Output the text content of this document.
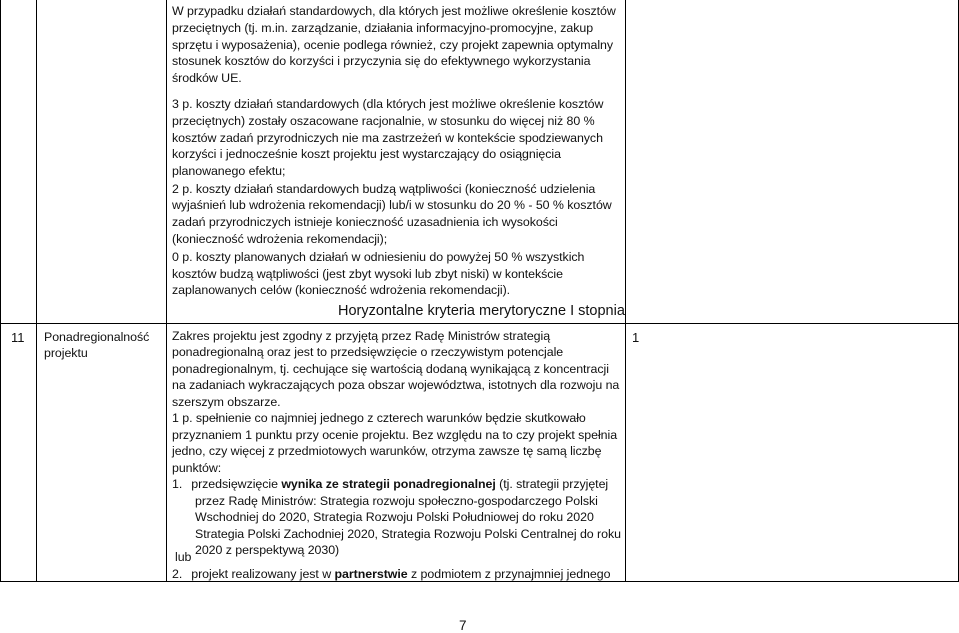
W przypadku działań standardowych, dla których jest możliwe określenie kosztów
przeciętnych (tj. m.in. zarządzanie, działania informacyjno-promocyjne, zakup
sprzętu i wyposażenia), ocenie podlega również, czy projekt zapewnia optymalny
stosunek kosztów do korzyści i przyczynia się do efektywnego wykorzystania
środków UE.
3 p. koszty działań standardowych (dla których jest możliwe określenie kosztów
przeciętnych) zostały oszacowane racjonalnie, w stosunku do więcej niż 80 %
kosztów zadań przyrodniczych nie ma zastrzeżeń w kontekście spodziewanych
korzyści i jednocześnie koszt projektu jest wystarczający do osiągnięcia
planowanego efektu;
2 p. koszty działań standardowych budzą wątpliwości (konieczność udzielenia
wyjaśnień lub wdrożenia rekomendacji) lub/i w stosunku do 20 % - 50 % kosztów
zadań przyrodniczych istnieje konieczność uzasadnienia ich wysokości
(konieczność wdrożenia rekomendacji);
0 p. koszty planowanych działań w odniesieniu do powyżej 50 % wszystkich
kosztów budzą wątpliwości (jest zbyt wysoki lub zbyt niski) w kontekście
zaplanowanych celów (konieczność wdrożenia rekomendacji).
Horyzontalne kryteria merytoryczne I stopnia
11 Ponadregionalność
projektu
1
Zakres projektu jest zgodny z przyjętą przez Radę Ministrów strategią
ponadregionalną oraz jest to przedsięwzięcie o rzeczywistym potencjale
ponadregionalnym, tj. cechujące się wartością dodaną wynikającą z koncentracji
na zadaniach wykraczających poza obszar województwa, istotnych dla rozwoju na
szerszym obszarze.
1 p. spełnienie co najmniej jednego z czterech warunków będzie skutkowało
przyznaniem 1 punktu przy ocenie projektu. Bez względu na to czy projekt spełnia
jedno, czy więcej z przedmiotowych warunków, otrzyma zawsze tę samą liczbę
punktów:
1. przedsięwzięcie wynika ze strategii ponadregionalnej (tj. strategii przyjętej
przez Radę Ministrów: Strategia rozwoju społeczno-gospodarczego Polski
Wschodniej do 2020, Strategia Rozwoju Polski Południowej do roku 2020
Strategia Polski Zachodniej 2020, Strategia Rozwoju Polski Centralnej do roku
2020 z perspektywą 2030)
lub
2. projekt realizowany jest w partnerstwie z podmiotem z przynajmniej jednego
7
